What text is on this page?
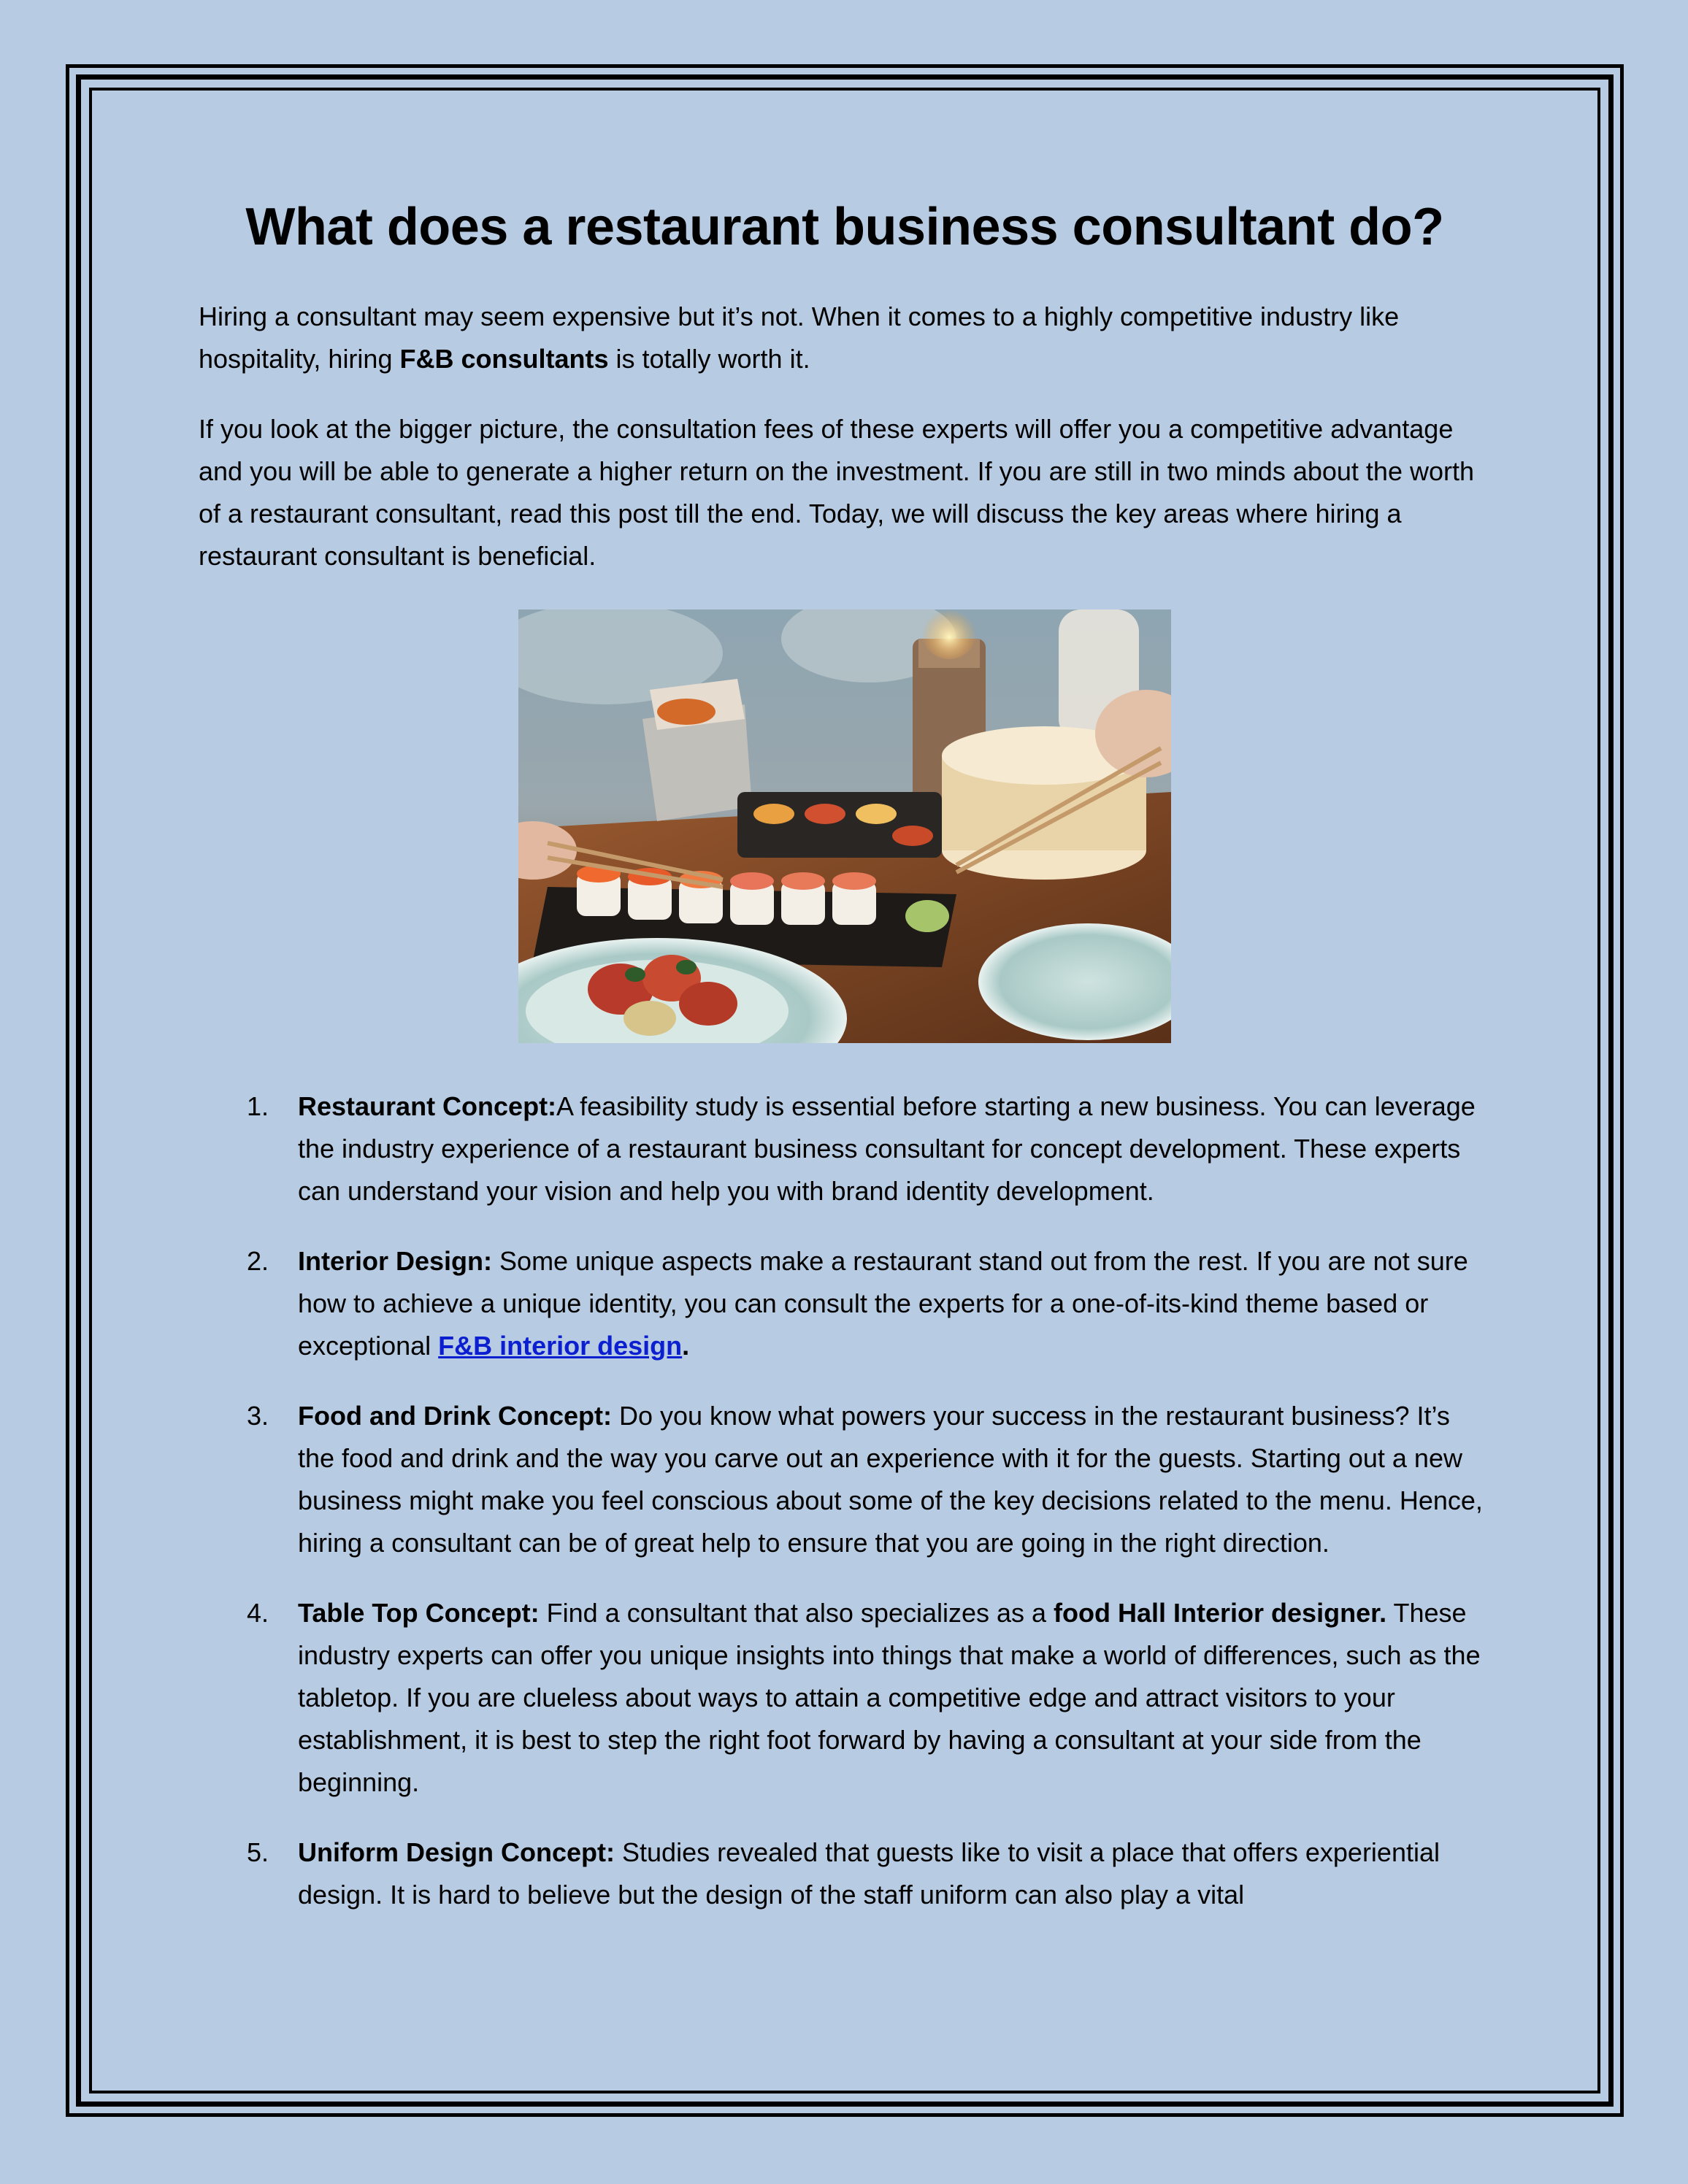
What does a restaurant business consultant do?

Hiring a consultant may seem expensive but it’s not. When it comes to a highly competitive industry like hospitality, hiring F&B consultants is totally worth it.

If you look at the bigger picture, the consultation fees of these experts will offer you a competitive advantage and you will be able to generate a higher return on the investment. If you are still in two minds about the worth of a restaurant consultant, read this post till the end. Today, we will discuss the key areas where hiring a restaurant consultant is beneficial.

1. Restaurant Concept:A feasibility study is essential before starting a new business. You can leverage the industry experience of a restaurant business consultant for concept development. These experts can understand your vision and help you with brand identity development.
2. Interior Design: Some unique aspects make a restaurant stand out from the rest. If you are not sure how to achieve a unique identity, you can consult the experts for a one-of-its-kind theme based or exceptional F&B interior design.
3. Food and Drink Concept: Do you know what powers your success in the restaurant business? It’s the food and drink and the way you carve out an experience with it for the guests. Starting out a new business might make you feel conscious about some of the key decisions related to the menu. Hence, hiring a consultant can be of great help to ensure that you are going in the right direction.
4. Table Top Concept: Find a consultant that also specializes as a food Hall Interior designer. These industry experts can offer you unique insights into things that make a world of differences, such as the tabletop. If you are clueless about ways to attain a competitive edge and attract visitors to your establishment, it is best to step the right foot forward by having a consultant at your side from the beginning.
5. Uniform Design Concept: Studies revealed that guests like to visit a place that offers experiential design. It is hard to believe but the design of the staff uniform can also play a vital
